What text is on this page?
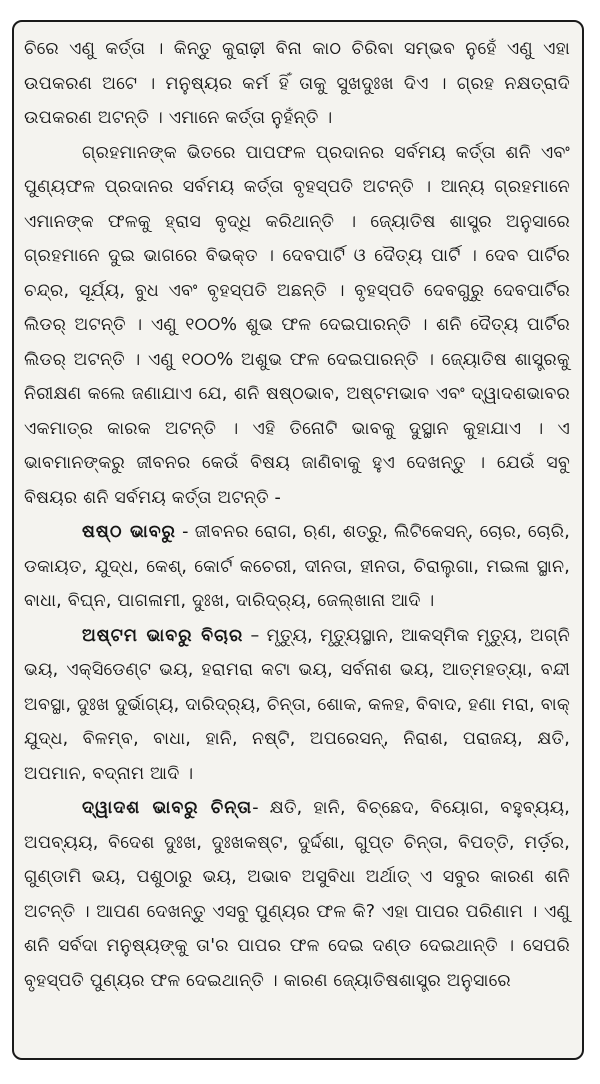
ଚିରେ ଏଣୁ କର୍ତ୍ତା । କିନ୍ତୁ କୁରାଢ଼ୀ ବିନା କାଠ ଚିରିବା ସମ୍ଭବ ନୁହେଁ ଏଣୁ ଏହା ଉପକରଣ ଅଟେ । ମନୁଷ୍ୟର କର୍ମ ହିଁ ତାକୁ ସୁଖଦୁଃଖ ଦିଏ । ଗ୍ରହ ନକ୍ଷତ୍ରାଦି ଉପକରଣ ଅଟନ୍ତି । ଏମାନେ କର୍ତ୍ତା ନୁହଁନ୍ତି ।

ଗ୍ରହମାନଙ୍କ ଭିତରେ ପାପଫଳ ପ୍ରଦାନର ସର୍ବମୟ କର୍ତ୍ତା ଶନି ଏବଂ ପୁଣ୍ୟଫଳ ପ୍ରଦାନର ସର୍ବମୟ କର୍ତ୍ତା ବୃହସ୍ପତି ଅଟନ୍ତି । ଆନ୍ୟ ଗ୍ରହମାନେ ଏମାନଙ୍କ ଫଳକୁ ହ୍ରାସ ବୃଦ୍ଧି କରିଥାନ୍ତି । ଜ୍ୟୋତିଷ ଶାସ୍ତ୍ର ଅନୁସାରେ ଗ୍ରହମାନେ ଦୁଇ ଭାଗରେ ବିଭକ୍ତ । ଦେବପାର୍ଟି ଓ ଦୈତ୍ୟ ପାର୍ଟି । ଦେବ ପାର୍ଟିର ଚନ୍ଦ୍ର, ସୂର୍ଯ୍ୟ, ବୁଧ ଏବଂ ବୃହସ୍ପତି ଅଛନ୍ତି । ବୃହସ୍ପତି ଦେବଗୁରୁ ଦେବପାର୍ଟିର ଲିଡର୍ ଅଟନ୍ତି । ଏଣୁ ୧୦୦% ଶୁଭ ଫଳ ଦେଇପାରନ୍ତି । ଶନି ଦୈତ୍ୟ ପାର୍ଟିର ଲିଡର୍ ଅଟନ୍ତି । ଏଣୁ ୧୦୦% ଅଶୁଭ ଫଳ ଦେଇପାରନ୍ତି । ଜ୍ୟୋତିଷ ଶାସ୍ତ୍ରକୁ ନିରୀକ୍ଷଣ କଲେ ଜଣାଯାଏ ଯେ, ଶନି ଷଷ୍ଠଭାବ, ଅଷ୍ଟମଭାବ ଏବଂ ଦ୍ୱାଦଶଭାବର ଏକମାତ୍ର କାରକ ଅଟନ୍ତି । ଏହି ତିନୋଟି ଭାବକୁ ଦୁସ୍ଥାନ କୁହାଯାଏ । ଏ ଭାବମାନଙ୍କରୁ ଜୀବନର କେଉଁ ବିଷୟ ଜାଣିବାକୁ ହୁଏ ଦେଖନ୍ତୁ । ଯେଉଁ ସବୁ ବିଷୟର ଶନି ସର୍ବମୟ କର୍ତ୍ତା ଅଟନ୍ତି -

ଷଷ୍ଠ ଭାବରୁ - ଜୀବନର ରୋଗ, ଋଣ, ଶତ୍ରୁ, ଲିଟିକେସନ୍, ଚୋର, ଚୋରି, ଡକାୟତ, ଯୁଦ୍ଧ, କେଶ୍, କୋର୍ଟ କଚେରୀ, ଦୀନତା, ହୀନତା, ଚିରାଲୁଗା, ମଇଳା ସ୍ଥାନ, ବାଧା, ବିଘ୍ନ, ପାଗଳାମୀ, ଦୁଃଖ, ଦାରିଦ୍ର୍ୟ, ଜେଲ୍‌ଖାନା ଆଦି ।

ଅଷ୍ଟମ ଭାବରୁ ବିଚାର – ମୃତ୍ୟୁ, ମୃତ୍ୟୁସ୍ଥାନ, ଆକସ୍ମିକ ମୃତ୍ୟୁ, ଅଗ୍ନି ଭୟ, ଏକ୍‌ସିଡେଣ୍ଟ ଭୟ, ହରାମରା କଟା ଭୟ, ସର୍ବନାଶ ଭୟ, ଆତ୍ମହତ୍ୟା, ବନ୍ଦୀ ଅବସ୍ଥା, ଦୁଃଖ ଦୁର୍ଭାଗ୍ୟ, ଦାରିଦ୍ର୍ୟ, ଚିନ୍ତା, ଶୋକ, କଳହ, ବିବାଦ, ହଣା ମରା, ବାକ୍ ଯୁଦ୍ଧ, ବିଳମ୍ବ, ବାଧା, ହାନି, ନଷ୍ଟି, ଅପରେସନ୍, ନିରାଶ, ପରାଜୟ, କ୍ଷତି, ଅପମାନ, ବଦ୍‌ନାମ ଆଦି ।

ଦ୍ୱାଦଶ ଭାବରୁ ଚିନ୍ତା- କ୍ଷତି, ହାନି, ବିଚ୍ଛେଦ, ବିୟୋଗ, ବହୁବ୍ୟୟ, ଅପବ୍ୟୟ, ବିଦେଶ ଦୁଃଖ, ଦୁଃଖକଷ୍ଟ, ଦୁର୍ଦ୍ଦଶା, ଗୁପ୍ତ ଚିନ୍ତା, ବିପତ୍ତି, ମର୍ଡ଼ର, ଗୁଣ୍ଡାମି ଭୟ, ପଶୁଠାରୁ ଭୟ, ଅଭାବ ଅସୁବିଧା ଅର୍ଥାତ୍ ଏ ସବୁର କାରଣ ଶନି ଅଟନ୍ତି । ଆପଣ ଦେଖନ୍ତୁ ଏସବୁ ପୁଣ୍ୟର ଫଳ କି? ଏହା ପାପର ପରିଣାମ । ଏଣୁ ଶନି ସର୍ବଦା ମନୁଷ୍ୟଙ୍କୁ ତା'ର ପାପର ଫଳ ଦେଇ ଦଣ୍ଡ ଦେଇଥାନ୍ତି । ସେପରି ବୃହସ୍ପତି ପୁଣ୍ୟର ଫଳ ଦେଇଥାନ୍ତି । କାରଣ ଜ୍ୟୋତିଷଶାସ୍ତ୍ର ଅନୁସାରେ
